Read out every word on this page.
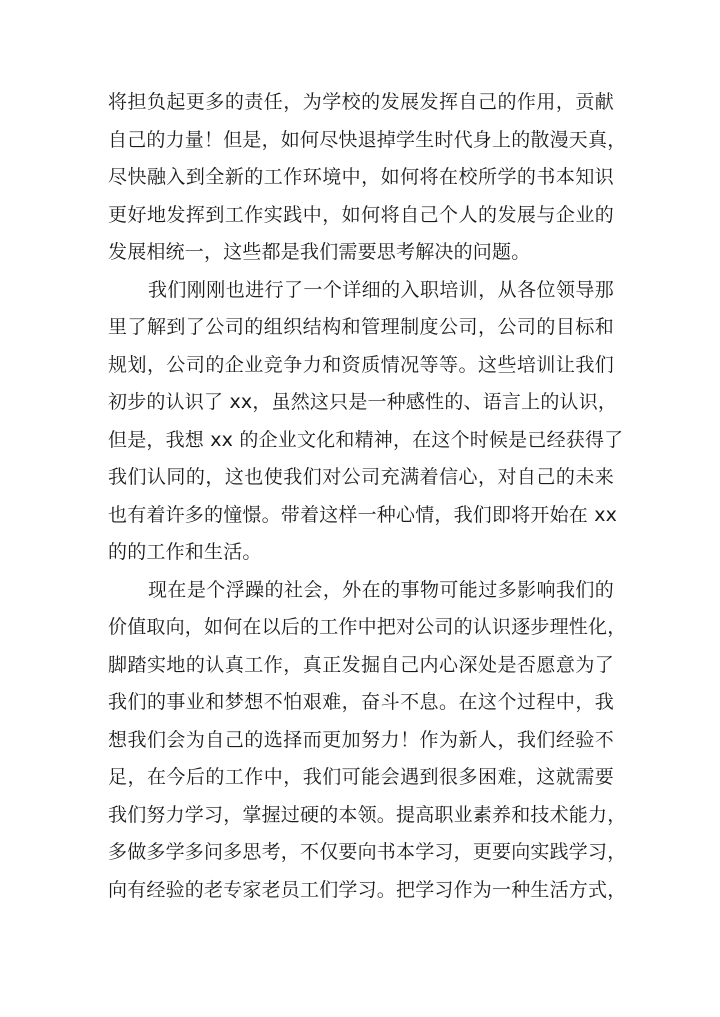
将担负起更多的责任，为学校的发展发挥自己的作用，贡献
自己的力量！但是，如何尽快退掉学生时代身上的散漫天真，
尽快融入到全新的工作环境中，如何将在校所学的书本知识
更好地发挥到工作实践中，如何将自己个人的发展与企业的
发展相统一，这些都是我们需要思考解决的问题。
我们刚刚也进行了一个详细的入职培训，从各位领导那
里了解到了公司的组织结构和管理制度公司，公司的目标和
规划，公司的企业竞争力和资质情况等等。这些培训让我们
初步的认识了 xx，虽然这只是一种感性的、语言上的认识，
但是，我想 xx 的企业文化和精神，在这个时候是已经获得了
我们认同的，这也使我们对公司充满着信心，对自己的未来
也有着许多的憧憬。带着这样一种心情，我们即将开始在 xx
的的工作和生活。
现在是个浮躁的社会，外在的事物可能过多影响我们的
价值取向，如何在以后的工作中把对公司的认识逐步理性化，
脚踏实地的认真工作，真正发掘自己内心深处是否愿意为了
我们的事业和梦想不怕艰难，奋斗不息。在这个过程中，我
想我们会为自己的选择而更加努力！作为新人，我们经验不
足，在今后的工作中，我们可能会遇到很多困难，这就需要
我们努力学习，掌握过硬的本领。提高职业素养和技术能力，
多做多学多问多思考，不仅要向书本学习，更要向实践学习，
向有经验的老专家老员工们学习。把学习作为一种生活方式，
